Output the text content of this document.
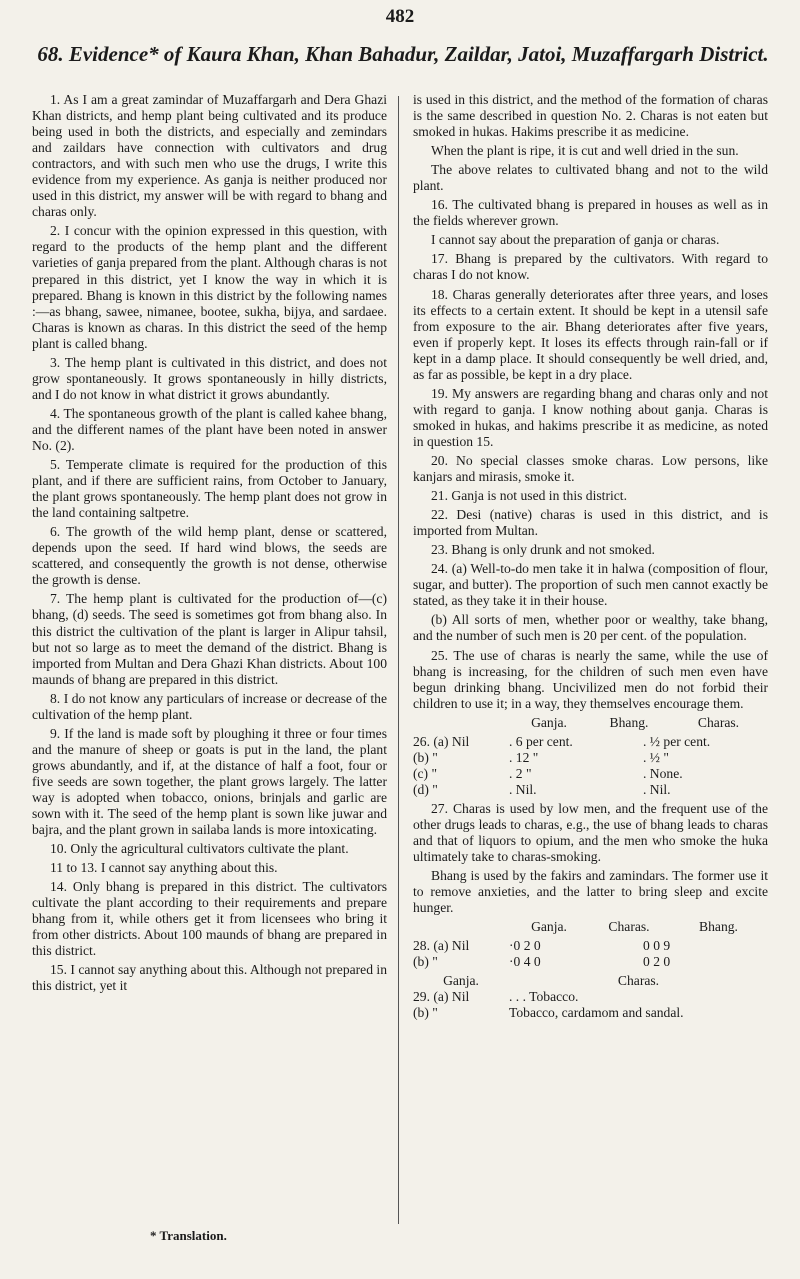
482
68. Evidence* of Kaura Khan, Khan Bahadur, Zaildar, Jatoi, Muzaffargarh District.

1. As I am a great zamindar of Muzaffargarh and Dera Ghazi Khan districts, and hemp plant being cultivated and its produce being used in both the districts, and especially and zemindars and zaildars have connection with cultivators and drug contractors, and with such men who use the drugs, I write this evidence from my experience. As ganja is neither produced nor used in this district, my answer will be with regard to bhang and charas only.

2. I concur with the opinion expressed in this question, with regard to the products of the hemp plant and the different varieties of ganja prepared from the plant. Although charas is not prepared in this district, yet I know the way in which it is prepared. Bhang is known in this district by the following names :—as bhang, sawee, nimanee, bootee, sukha, bijya, and sardaee. Charas is known as charas. In this district the seed of the hemp plant is called bhang.

3. The hemp plant is cultivated in this district, and does not grow spontaneously. It grows spontaneously in hilly districts, and I do not know in what district it grows abundantly.

4. The spontaneous growth of the plant is called kahee bhang, and the different names of the plant have been noted in answer No. (2).

5. Temperate climate is required for the production of this plant, and if there are sufficient rains, from October to January, the plant grows spontaneously. The hemp plant does not grow in the land containing saltpetre.

6. The growth of the wild hemp plant, dense or scattered, depends upon the seed. If hard wind blows, the seeds are scattered, and consequently the growth is not dense, otherwise the growth is dense.

7. The hemp plant is cultivated for the production of—(c) bhang, (d) seeds. The seed is sometimes got from bhang also. In this district the cultivation of the plant is larger in Alipur tahsil, but not so large as to meet the demand of the district. Bhang is imported from Multan and Dera Ghazi Khan districts. About 100 maunds of bhang are prepared in this district.

8. I do not know any particulars of increase or decrease of the cultivation of the hemp plant.

9. If the land is made soft by ploughing it three or four times and the manure of sheep or goats is put in the land, the plant grows abundantly, and if, at the distance of half a foot, four or five seeds are sown together, the plant grows largely. The latter way is adopted when tobacco, onions, brinjals and garlic are sown with it. The seed of the hemp plant is sown like juwar and bajra, and the plant grown in sailaba lands is more intoxicating.

10. Only the agricultural cultivators cultivate the plant.

11 to 13. I cannot say anything about this.

14. Only bhang is prepared in this district. The cultivators cultivate the plant according to their requirements and prepare bhang from it, while others get it from licensees who bring it from other districts. About 100 maunds of bhang are prepared in this district.

15. I cannot say anything about this. Although not prepared in this district, yet it

is used in this district, and the method of the formation of charas is the same described in question No. 2. Charas is not eaten but smoked in hukas. Hakims prescribe it as medicine.

When the plant is ripe, it is cut and well dried in the sun.

The above relates to cultivated bhang and not to the wild plant.

16. The cultivated bhang is prepared in houses as well as in the fields wherever grown.

I cannot say about the preparation of ganja or charas.

17. Bhang is prepared by the cultivators. With regard to charas I do not know.

18. Charas generally deteriorates after three years, and loses its effects to a certain extent. It should be kept in a utensil safe from exposure to the air. Bhang deteriorates after five years, even if properly kept. It loses its effects through rain-fall or if kept in a damp place. It should consequently be well dried, and, as far as possible, be kept in a dry place.

19. My answers are regarding bhang and charas only and not with regard to ganja. I know nothing about ganja. Charas is smoked in hukas, and hakims prescribe it as medicine, as noted in question 15.

20. No special classes smoke charas. Low persons, like kanjars and mirasis, smoke it.

21. Ganja is not used in this district.

22. Desi (native) charas is used in this district, and is imported from Multan.

23. Bhang is only drunk and not smoked.

24. (a) Well-to-do men take it in halwa (composition of flour, sugar, and butter). The proportion of such men cannot exactly be stated, as they take it in their house.

(b) All sorts of men, whether poor or wealthy, take bhang, and the number of such men is 20 per cent. of the population.

25. The use of charas is nearly the same, while the use of bhang is increasing, for the children of such men even have begun drinking bhang. Uncivilized men do not forbid their children to use it; in a way, they themselves encourage them.

Ganja.	Bhang.	Charas.
26. (a) Nil	. 6 per cent.	. ½ per cent.
(b) "	. 12 "	. ½ "
(c) "	. 2 "	. None.
(d) "	. Nil.	. Nil.

27. Charas is used by low men, and the frequent use of the other drugs leads to charas, e.g., the use of bhang leads to charas and that of liquors to opium, and the men who smoke the huka ultimately take to charas-smoking.

Bhang is used by the fakirs and zamindars. The former use it to remove anxieties, and the latter to bring sleep and excite hunger.

Ganja.	Charas.	Bhang.
28. (a) Nil	·0 2 0	0 0 9
(b) "	·0 4 0	0 2 0
Ganja.	Charas.
29. (a) Nil	. . . Tobacco.
(b) "	Tobacco, cardamom and sandal.
* Translation.
